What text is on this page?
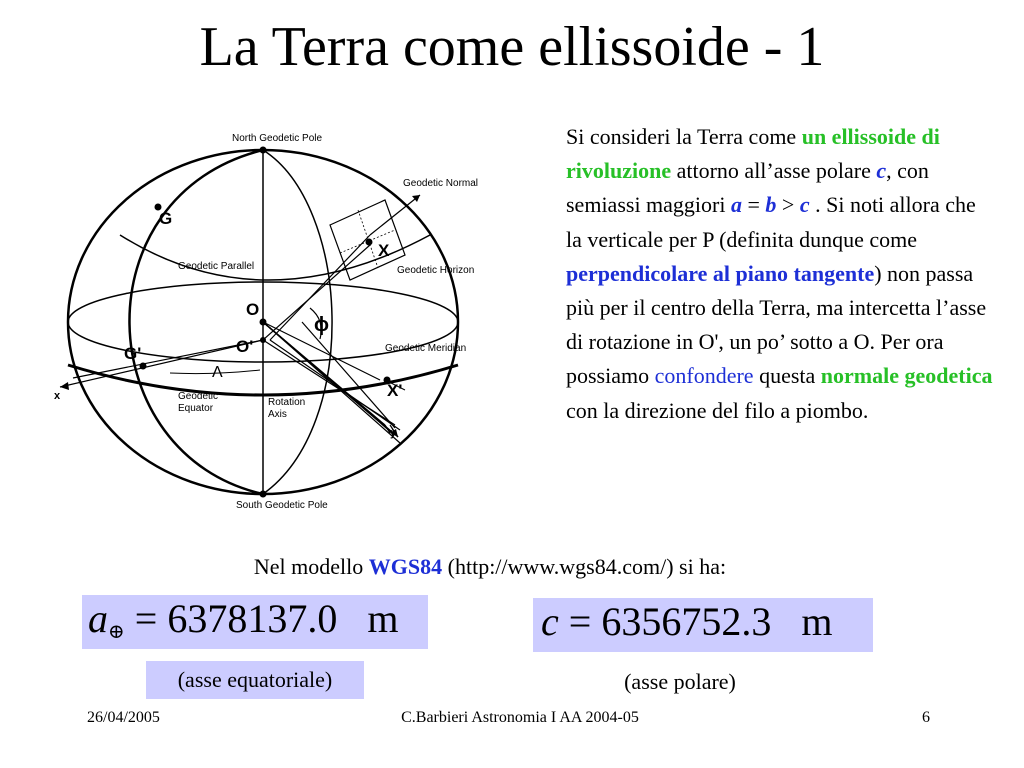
La Terra come ellissoide - 1
North Geodetic Pole
South Geodetic Pole
Geodetic Normal
Geodetic Horizon
Geodetic Parallel
Geodetic Meridian
Geodetic
Equator
Rotation
Axis
G
G'
O
O'
X
X'
ϕ
Λ
x
y
Si consideri la Terra come un ellissoide di rivoluzione attorno all’asse polare c, con semiassi maggiori a = b > c . Si noti allora che la verticale per P (definita dunque come perpendicolare al piano tangente) non passa più per il centro della Terra, ma intercetta l’asse di rotazione in O', un po’ sotto a O. Per ora possiamo confondere questa normale geodetica con la direzione del filo a piombo.
Nel modello WGS84 (http://www.wgs84.com/) si ha:
$a_\oplus = 6378137.0$   m	c = 6356752.3   m
(asse equatoriale)	(asse polare)
26/04/2005	C.Barbieri Astronomia I AA 2004-05	6
